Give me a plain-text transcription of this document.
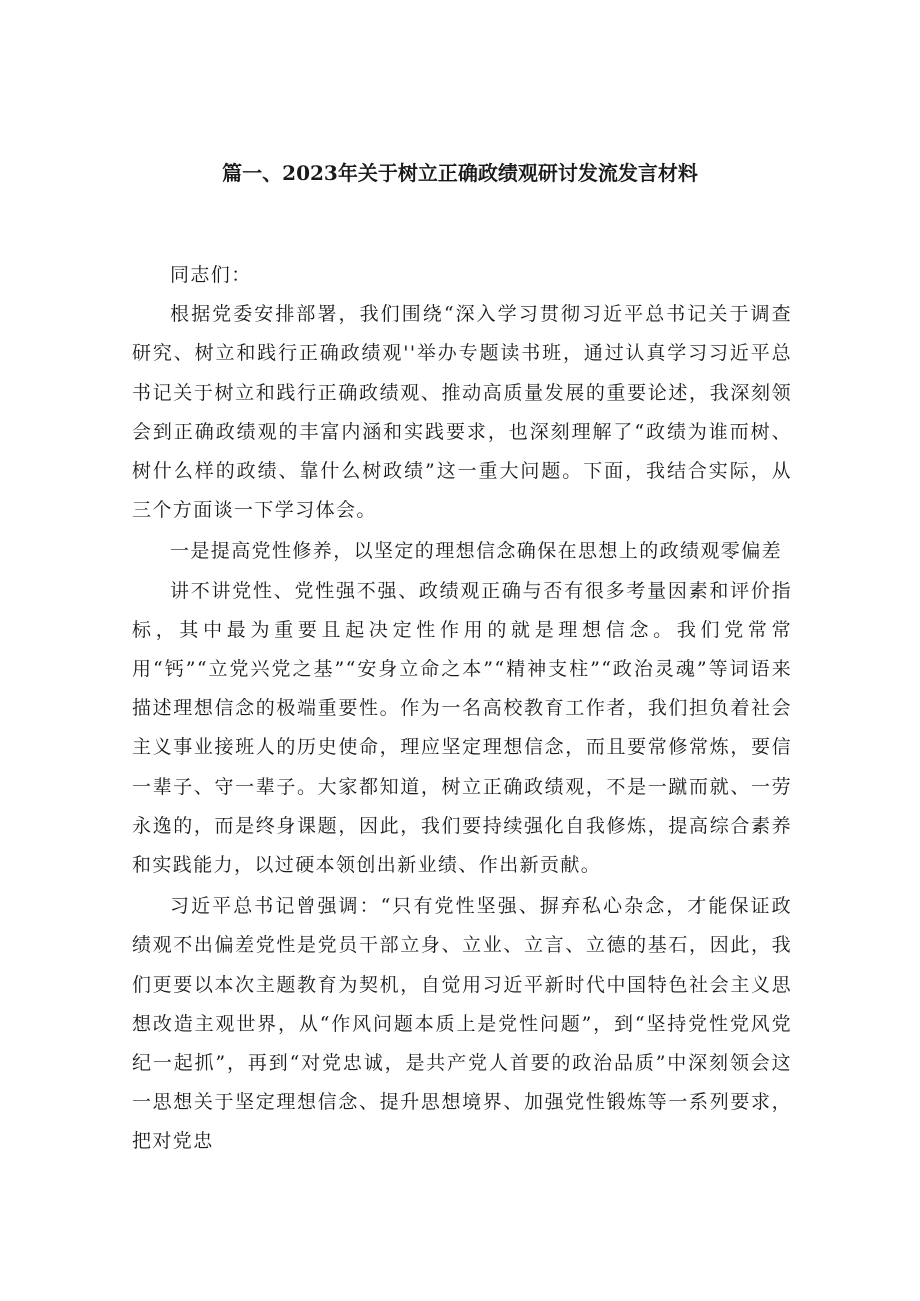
篇一、2023年关于树立正确政绩观研讨发流发言材料

同志们：

根据党委安排部署，我们围绕“深入学习贯彻习近平总书记关于调查研究、树立和践行正确政绩观''举办专题读书班，通过认真学习习近平总书记关于树立和践行正确政绩观、推动高质量发展的重要论述，我深刻领会到正确政绩观的丰富内涵和实践要求，也深刻理解了“政绩为谁而树、树什么样的政绩、靠什么树政绩”这一重大问题。下面，我结合实际，从三个方面谈一下学习体会。

一是提高党性修养，以坚定的理想信念确保在思想上的政绩观零偏差

讲不讲党性、党性强不强、政绩观正确与否有很多考量因素和评价指标，其中最为重要且起决定性作用的就是理想信念。我们党常常用“钙”“立党兴党之基”“安身立命之本”“精神支柱”“政治灵魂”等词语来描述理想信念的极端重要性。作为一名高校教育工作者，我们担负着社会主义事业接班人的历史使命，理应坚定理想信念，而且要常修常炼，要信一辈子、守一辈子。大家都知道，树立正确政绩观，不是一蹴而就、一劳永逸的，而是终身课题，因此，我们要持续强化自我修炼，提高综合素养和实践能力，以过硬本领创出新业绩、作出新贡献。

习近平总书记曾强调：“只有党性坚强、摒弃私心杂念，才能保证政绩观不出偏差党性是党员干部立身、立业、立言、立德的基石，因此，我们更要以本次主题教育为契机，自觉用习近平新时代中国特色社会主义思想改造主观世界，从“作风问题本质上是党性问题”，到“坚持党性党风党纪一起抓”，再到“对党忠诚，是共产党人首要的政治品质”中深刻领会这一思想关于坚定理想信念、提升思想境界、加强党性锻炼等一系列要求，把对党忠
